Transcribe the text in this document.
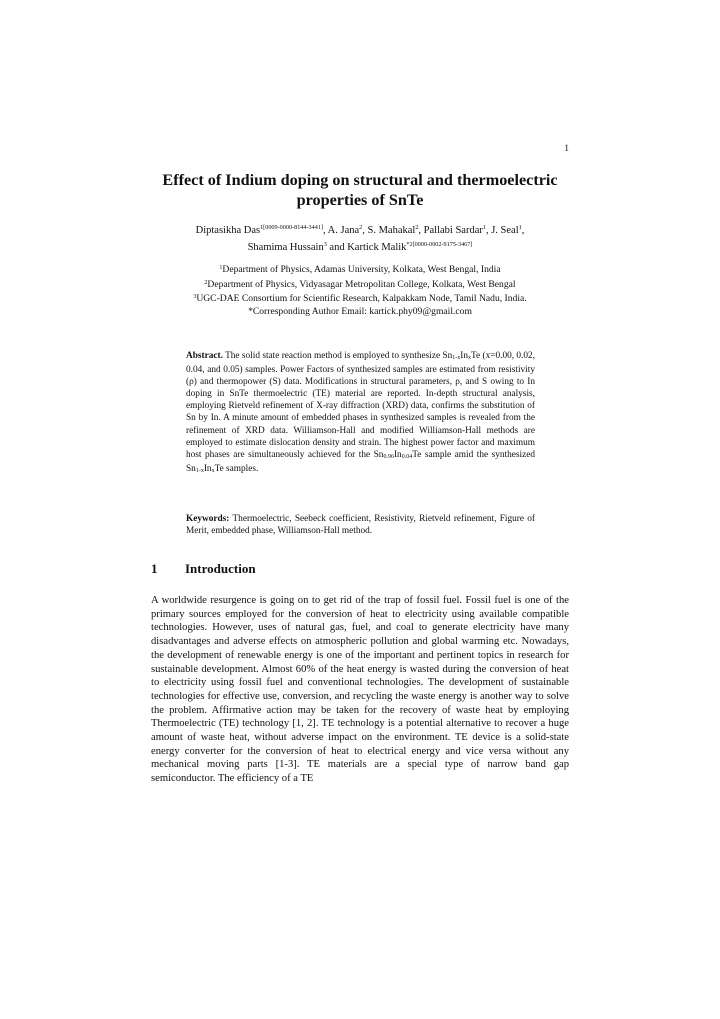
1
Effect of Indium doping on structural and thermoelectric
properties of SnTe
Diptasikha Das$^{1[0009-0000-8144-3441]}$, A. Jana$^2$, S. Mahakal$^2$, Pallabi Sardar$^1$, J. Seal$^1$,
Shamima Hussain$^3$ and Kartick Malik$^{*2[0000-0002-9175-3467]}$
$^1$Department of Physics, Adamas University, Kolkata, West Bengal, India
$^2$Department of Physics, Vidyasagar Metropolitan College, Kolkata, West Bengal
$^3$UGC-DAE Consortium for Scientific Research, Kalpakkam Node, Tamil Nadu, India.
*Corresponding Author Email: kartick.phy09@gmail.com
Abstract. The solid state reaction method is employed to synthesize $Sn_{1-x}In_xTe$ (x=0.00, 0.02, 0.04, and 0.05) samples. Power Factors of synthesized samples are estimated from resistivity (ρ) and thermopower (S) data. Modifications in structural parameters, ρ, and S owing to In doping in SnTe thermoelectric (TE) material are reported. In-depth structural analysis, employing Rietveld refinement of X-ray diffraction (XRD) data, confirms the substitution of Sn by In. A minute amount of embedded phases in synthesized samples is revealed from the refinement of XRD data. Williamson-Hall and modified Williamson-Hall methods are employed to estimate dislocation density and strain. The highest power factor and maximum host phases are simultaneously achieved for the $Sn_{0.96}In_{0.04}Te$ sample amid the synthesized $Sn_{1-x}In_xTe$ samples.
Keywords: Thermoelectric, Seebeck coefficient, Resistivity, Rietveld refinement, Figure of Merit, embedded phase, Williamson-Hall method.
1 Introduction
A worldwide resurgence is going on to get rid of the trap of fossil fuel. Fossil fuel is one of the primary sources employed for the conversion of heat to electricity using available compatible technologies. However, uses of natural gas, fuel, and coal to generate electricity have many disadvantages and adverse effects on atmospheric pollution and global warming etc. Nowadays, the development of renewable energy is one of the important and pertinent topics in research for sustainable development. Almost 60% of the heat energy is wasted during the conversion of heat to electricity using fossil fuel and conventional technologies. The development of sustainable technologies for effective use, conversion, and recycling the waste energy is another way to solve the problem. Affirmative action may be taken for the recovery of waste heat by employing Thermoelectric (TE) technology [1, 2]. TE technology is a potential alternative to recover a huge amount of waste heat, without adverse impact on the environment. TE device is a solid-state energy converter for the conversion of heat to electrical energy and vice versa without any mechanical moving parts [1-3]. TE materials are a special type of narrow band gap semiconductor. The efficiency of a TE
